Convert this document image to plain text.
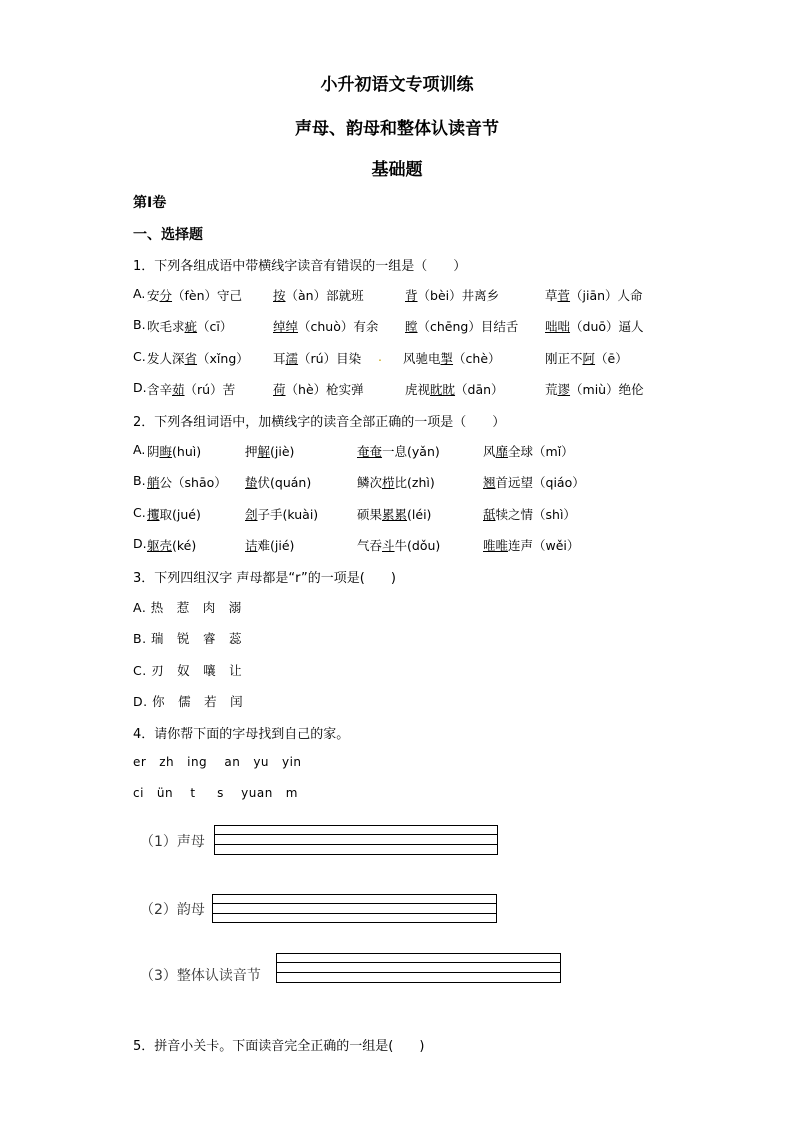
小升初语文专项训练
声母、韵母和整体认读音节
基础题
第I卷
一、选择题
1．下列各组成语中带横线字读音有错误的一组是（　　）
A. 安分（fèn）守己 按（àn）部就班	背（bèi）井离乡	草菅（jiān）人命
B. 吹毛求疵（cī）	绰绰（chuò）有余 瞠（chēng）目结舌 咄咄（duō）逼人
C. 发人深省（xǐng） 耳濡（rú）目染 . 风驰电掣（chè）	刚正不阿（ē）
D. 含辛茹（rú）苦	荷（hè）枪实弹	虎视眈眈（dān）	荒谬（miù）绝伦
2．下列各组词语中，加横线字的读音全部正确的一项是（　　）
A. 阴晦(huì)	押解(jiè)	奄奄一息(yǎn)	风靡全球（mǐ）
B. 艄公（shāo） 蛰伏(quán)	鳞次栉比(zhì)	翘首远望（qiáo）
C. 攫取(jué)	刽子手(kuài)	硕果累累(léi)	舐犊之情（shì）
D. 躯壳(ké)	诘难(jié)	气吞斗牛(dǒu)	唯唯连声（wěi）
3．下列四组汉字 声母都是“r”的一项是(　　)
A. 热　惹　肉　溺
B. 瑞　锐　睿　蕊
C. 刃　奴　嚷　让
D. 你　儒　若　闰
4．请你帮下面的字母找到自己的家。
er   zh   ing    an   yu   yin
ci   ün    t     s    yuan   m
（1）声母
（2）韵母
（3）整体认读音节
5．拼音小关卡。下面读音完全正确的一组是(　　)
